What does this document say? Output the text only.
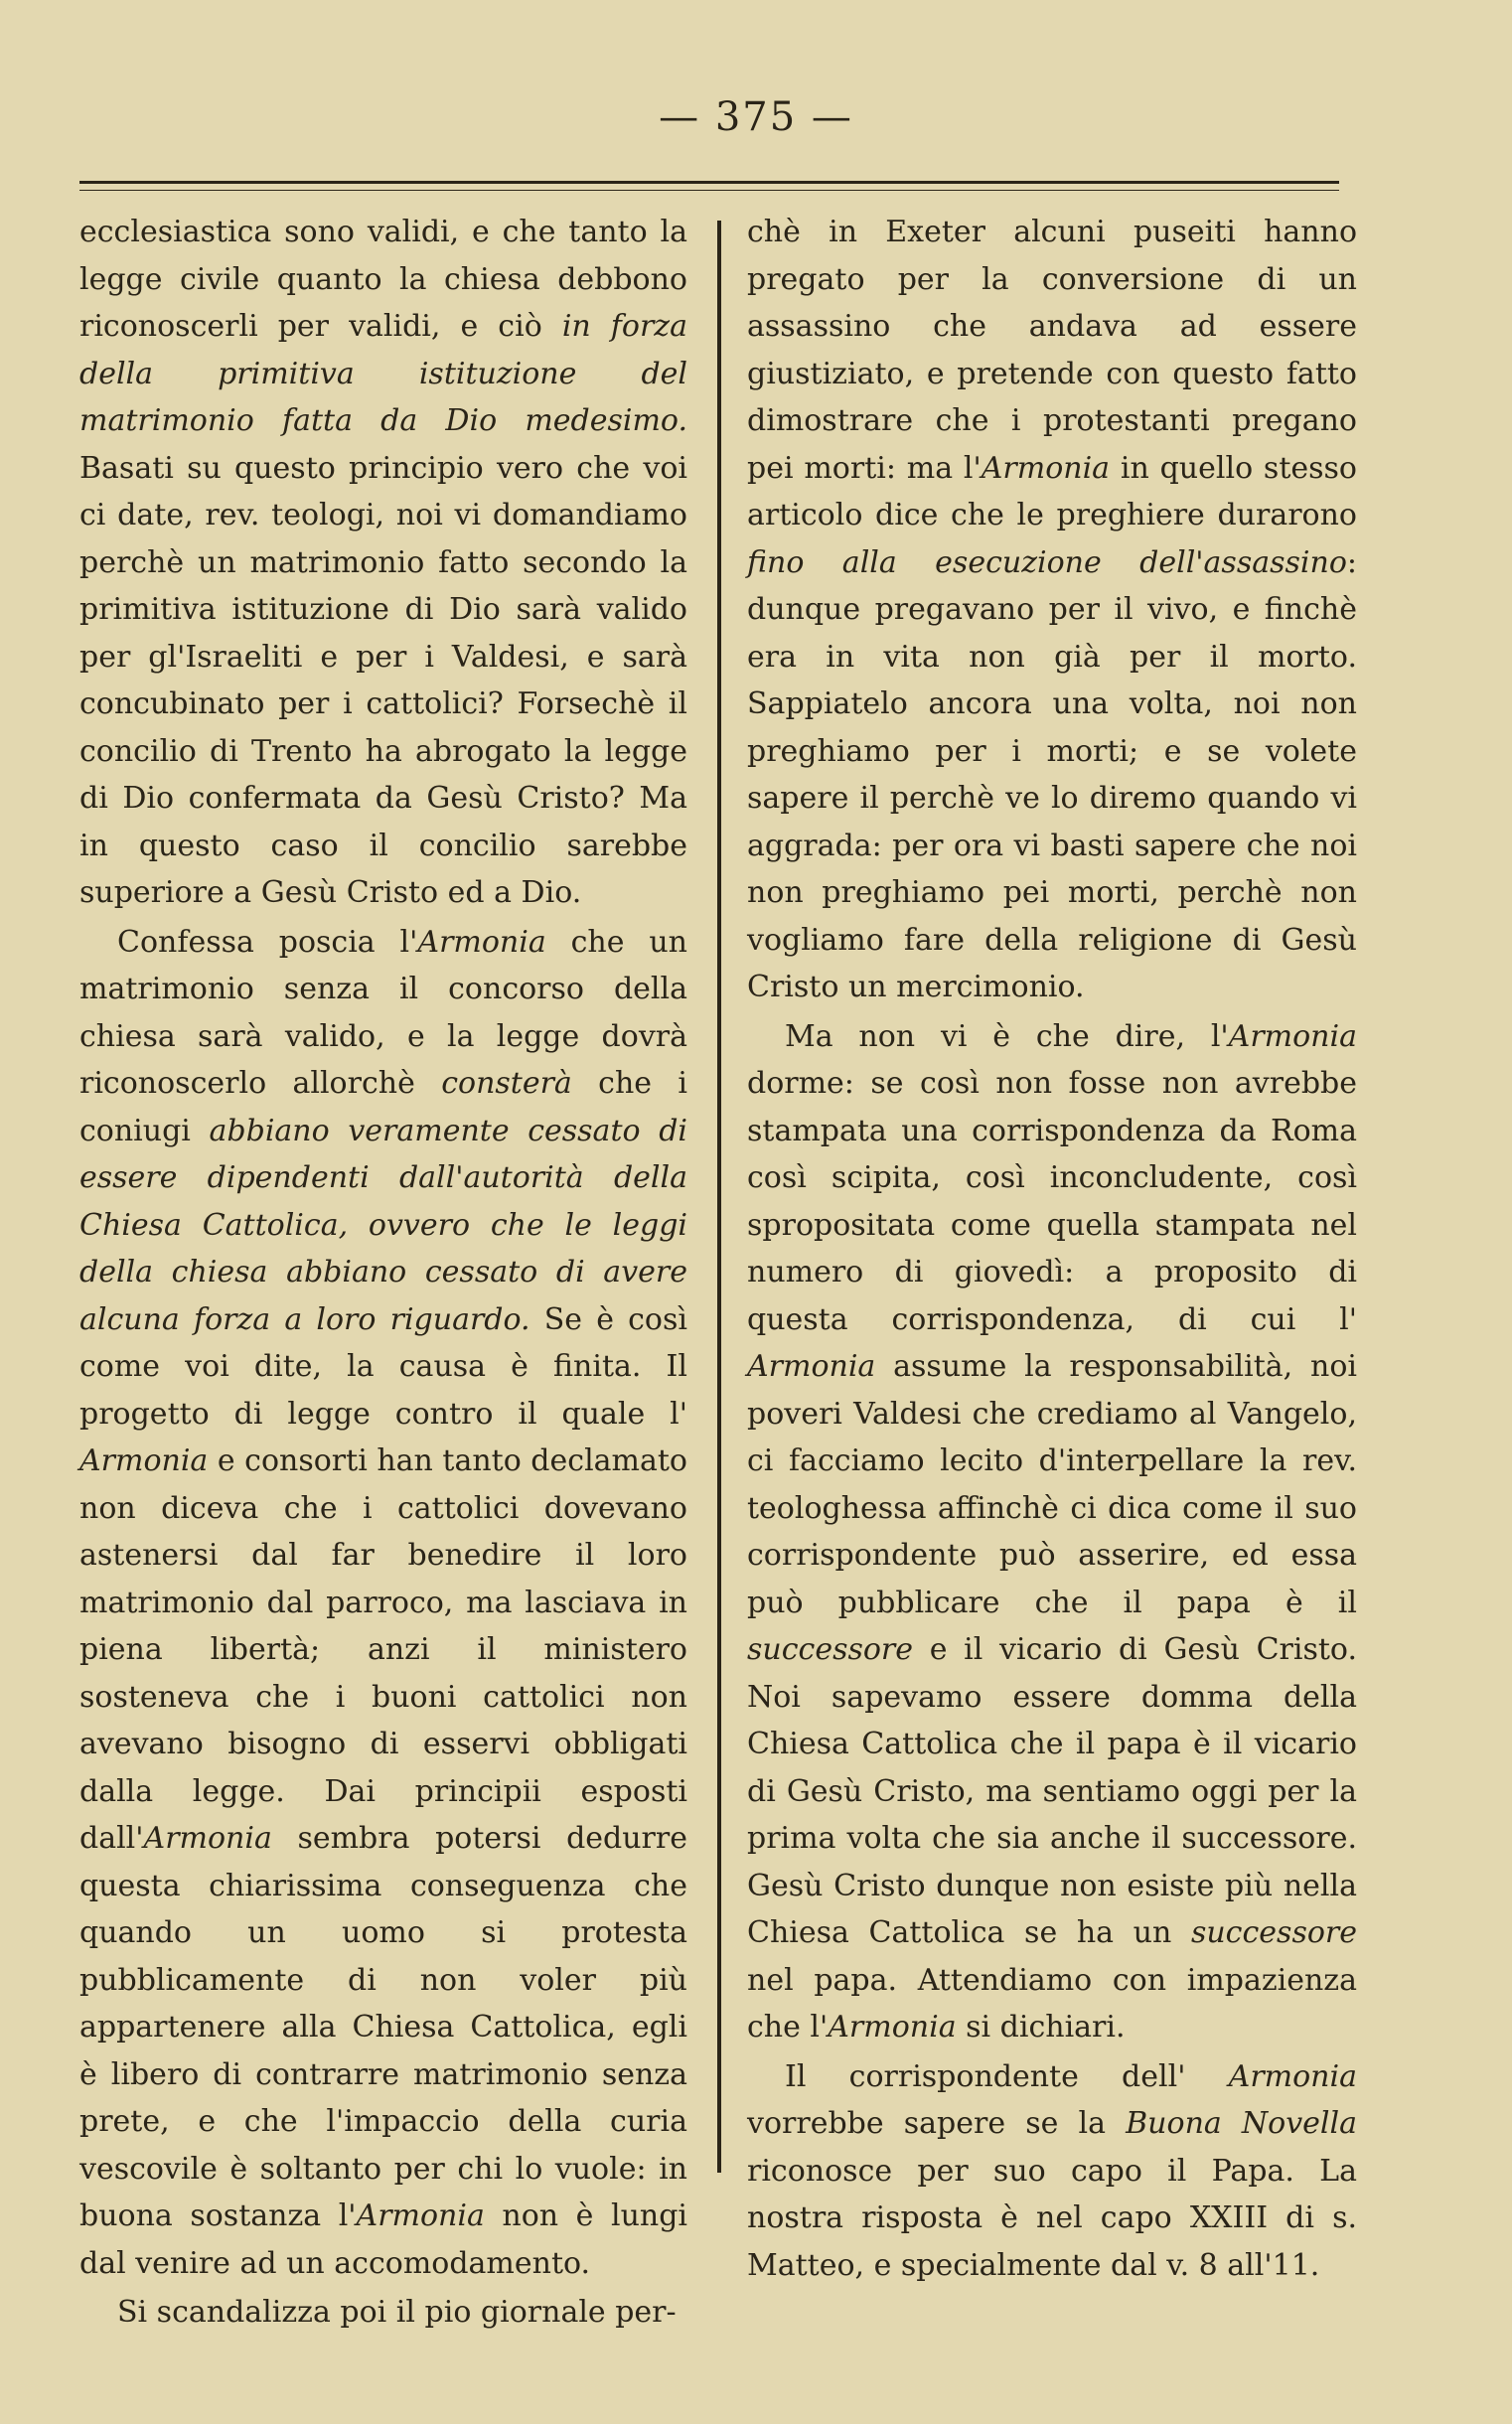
— 375 —

ecclesiastica sono validi, e che tanto la legge civile quanto la chiesa debbono riconoscerli per validi, e ciò in forza della primitiva istituzione del matrimonio fatta da Dio medesimo. Basati su questo principio vero che voi ci date, rev. teologi, noi vi domandiamo perchè un matrimonio fatto secondo la primitiva istituzione di Dio sarà valido per gl'Israeliti e per i Valdesi, e sarà concubinato per i cattolici? Forsechè il concilio di Trento ha abrogato la legge di Dio confermata da Gesù Cristo? Ma in questo caso il concilio sarebbe superiore a Gesù Cristo ed a Dio.

Confessa poscia l'Armonia che un matrimonio senza il concorso della chiesa sarà valido, e la legge dovrà riconoscerlo allorchè consterà che i coniugi abbiano veramente cessato di essere dipendenti dall'autorità della Chiesa Cattolica, ovvero che le leggi della chiesa abbiano cessato di avere alcuna forza a loro riguardo. Se è così come voi dite, la causa è finita. Il progetto di legge contro il quale l' Armonia e consorti han tanto declamato non diceva che i cattolici dovevano astenersi dal far benedire il loro matrimonio dal parroco, ma lasciava in piena libertà; anzi il ministero sosteneva che i buoni cattolici non avevano bisogno di esservi obbligati dalla legge. Dai principii esposti dall'Armonia sembra potersi dedurre questa chiarissima conseguenza che quando un uomo si protesta pubblicamente di non voler più appartenere alla Chiesa Cattolica, egli è libero di contrarre matrimonio senza prete, e che l'impaccio della curia vescovile è soltanto per chi lo vuole: in buona sostanza l'Armonia non è lungi dal venire ad un accomodamento.

Si scandalizza poi il pio giornale per-

chè in Exeter alcuni puseiti hanno pregato per la conversione di un assassino che andava ad essere giustiziato, e pretende con questo fatto dimostrare che i protestanti pregano pei morti: ma l'Armonia in quello stesso articolo dice che le preghiere durarono fino alla esecuzione dell'assassino: dunque pregavano per il vivo, e finchè era in vita non già per il morto. Sappiatelo ancora una volta, noi non preghiamo per i morti; e se volete sapere il perchè ve lo diremo quando vi aggrada: per ora vi basti sapere che noi non preghiamo pei morti, perchè non vogliamo fare della religione di Gesù Cristo un mercimonio.

Ma non vi è che dire, l'Armonia dorme: se così non fosse non avrebbe stampata una corrispondenza da Roma così scipita, così inconcludente, così spropositata come quella stampata nel numero di giovedì: a proposito di questa corrispondenza, di cui l' Armonia assume la responsabilità, noi poveri Valdesi che crediamo al Vangelo, ci facciamo lecito d'interpellare la rev. teologhessa affinchè ci dica come il suo corrispondente può asserire, ed essa può pubblicare che il papa è il successore e il vicario di Gesù Cristo. Noi sapevamo essere domma della Chiesa Cattolica che il papa è il vicario di Gesù Cristo, ma sentiamo oggi per la prima volta che sia anche il successore. Gesù Cristo dunque non esiste più nella Chiesa Cattolica se ha un successore nel papa. Attendiamo con impazienza che l'Armonia si dichiari.

Il corrispondente dell' Armonia vorrebbe sapere se la Buona Novella riconosce per suo capo il Papa. La nostra risposta è nel capo XXIII di s. Matteo, e specialmente dal v. 8 all'11.
